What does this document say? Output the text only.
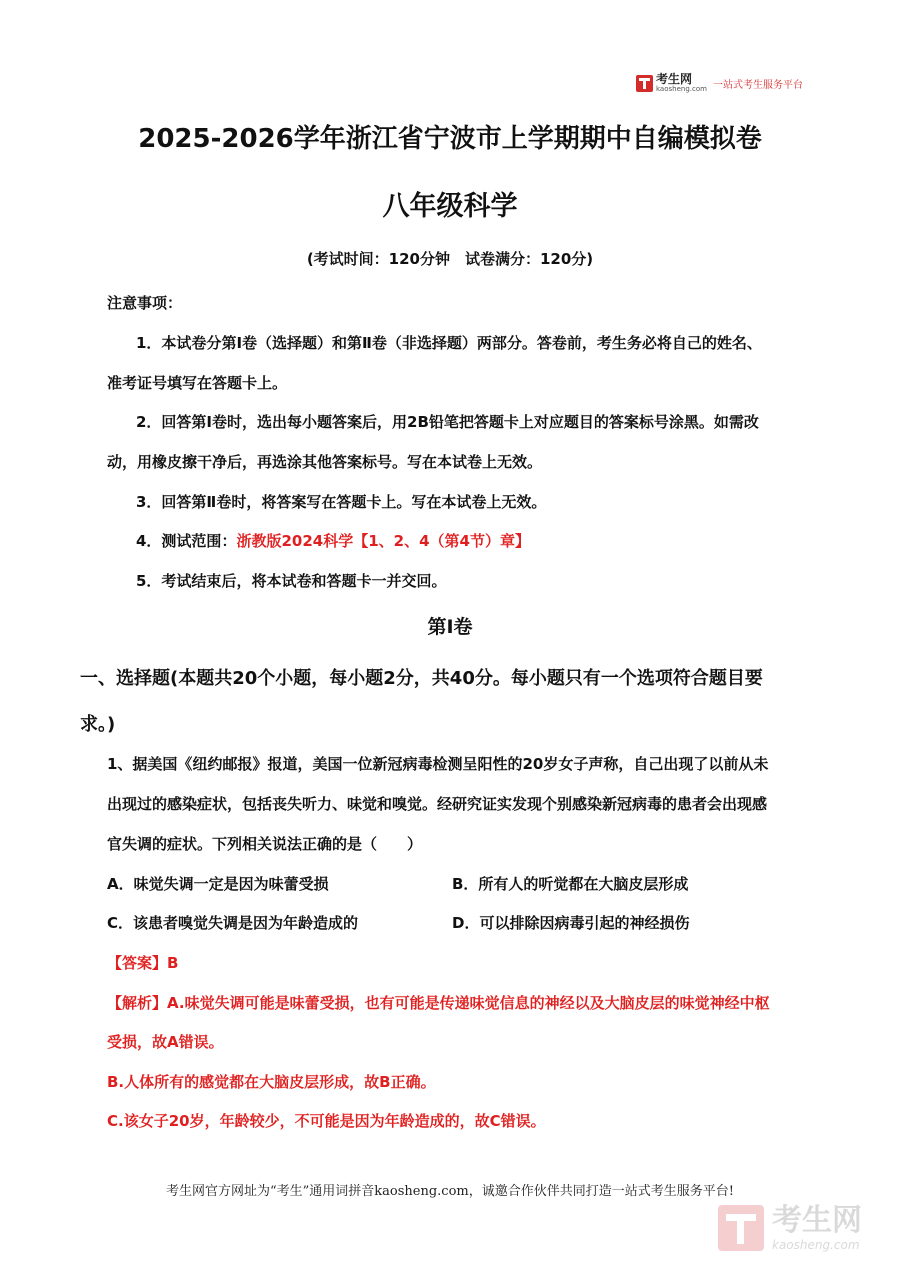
考生网
kaosheng.com 一站式考生服务平台
2025-2026学年浙江省宁波市上学期期中自编模拟卷
八年级科学
(考试时间：120分钟　试卷满分：120分)
注意事项：
1．本试卷分第Ⅰ卷（选择题）和第Ⅱ卷（非选择题）两部分。答卷前，考生务必将自己的姓名、
准考证号填写在答题卡上。
2．回答第Ⅰ卷时，选出每小题答案后，用2B铅笔把答题卡上对应题目的答案标号涂黑。如需改
动，用橡皮擦干净后，再选涂其他答案标号。写在本试卷上无效。
3．回答第Ⅱ卷时，将答案写在答题卡上。写在本试卷上无效。
4．测试范围：浙教版2024科学【1、2、4（第4节）章】
5．考试结束后，将本试卷和答题卡一并交回。
第Ⅰ卷
一、选择题(本题共20个小题，每小题2分，共40分。每小题只有一个选项符合题目要
求。)
1、据美国《纽约邮报》报道，美国一位新冠病毒检测呈阳性的20岁女子声称，自己出现了以前从未
出现过的感染症状，包括丧失听力、味觉和嗅觉。经研究证实发现个别感染新冠病毒的患者会出现感
官失调的症状。下列相关说法正确的是（　　）
A．味觉失调一定是因为味蕾受损	B．所有人的听觉都在大脑皮层形成
C．该患者嗅觉失调是因为年龄造成的	D．可以排除因病毒引起的神经损伤
【答案】B
【解析】A.味觉失调可能是味蕾受损，也有可能是传递味觉信息的神经以及大脑皮层的味觉神经中枢
受损，故A错误。
B.人体所有的感觉都在大脑皮层形成，故B正确。
C.该女子20岁，年龄较少，不可能是因为年龄造成的，故C错误。
考生网官方网址为“考生”通用词拼音kaosheng.com，诚邀合作伙伴共同打造一站式考生服务平台!
考生网
kaosheng.com
